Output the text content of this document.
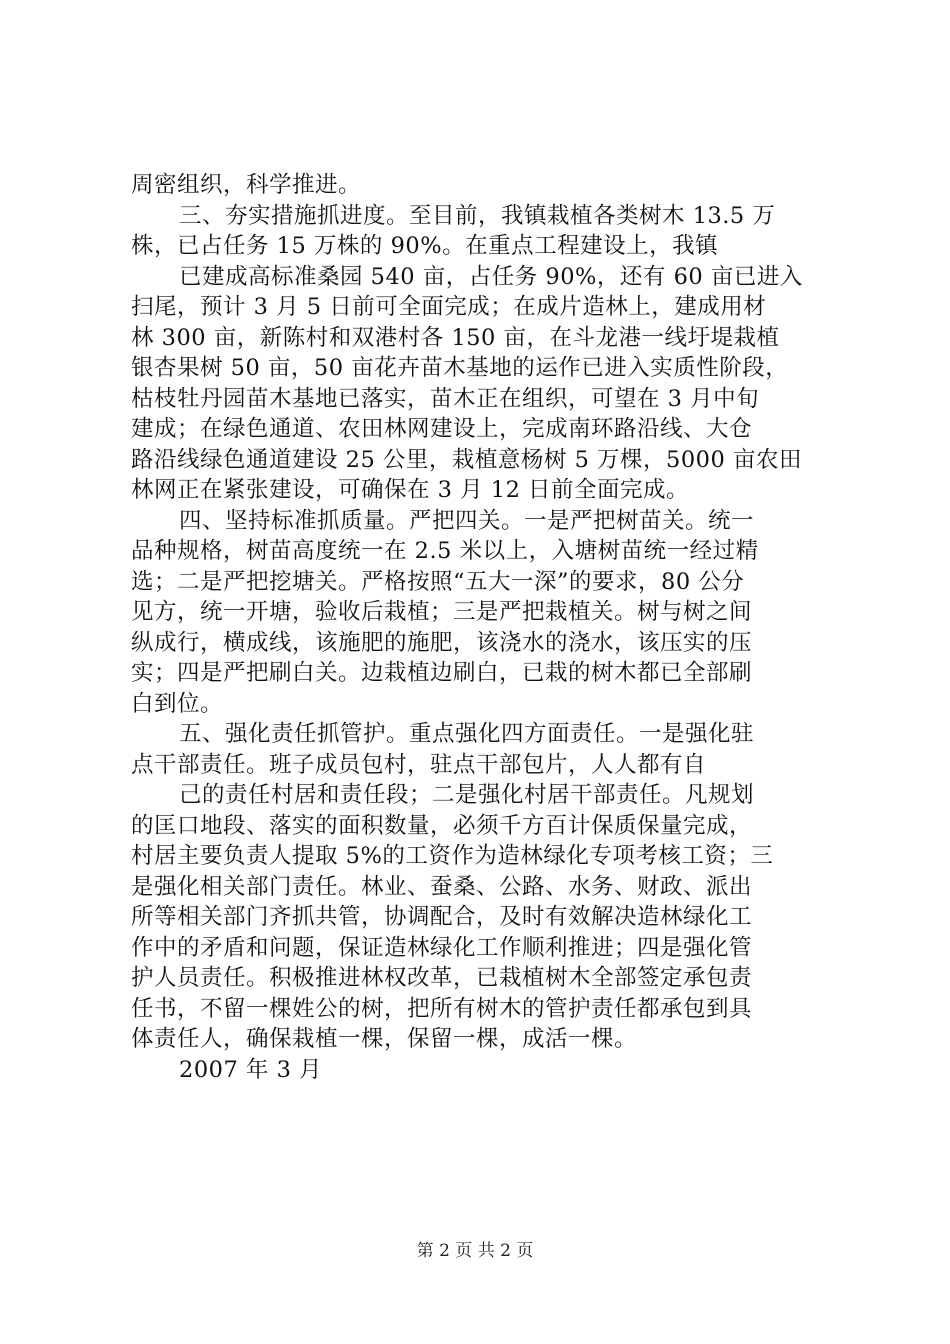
周密组织，科学推进。
三、夯实措施抓进度。至目前，我镇栽植各类树木 13.5 万
株，已占任务 15 万株的 90%。在重点工程建设上，我镇
已建成高标准桑园 540 亩，占任务 90%，还有 60 亩已进入
扫尾，预计 3 月 5 日前可全面完成；在成片造林上，建成用材
林 300 亩，新陈村和双港村各 150 亩，在斗龙港一线圩堤栽植
银杏果树 50 亩，50 亩花卉苗木基地的运作已进入实质性阶段，
枯枝牡丹园苗木基地已落实，苗木正在组织，可望在 3 月中旬
建成；在绿色通道、农田林网建设上，完成南环路沿线、大仓
路沿线绿色通道建设 25 公里，栽植意杨树 5 万棵，5000 亩农田
林网正在紧张建设，可确保在 3 月 12 日前全面完成。
四、坚持标准抓质量。严把四关。一是严把树苗关。统一
品种规格，树苗高度统一在 2.5 米以上，入塘树苗统一经过精
选；二是严把挖塘关。严格按照“五大一深”的要求，80 公分
见方，统一开塘，验收后栽植；三是严把栽植关。树与树之间
纵成行，横成线，该施肥的施肥，该浇水的浇水，该压实的压
实；四是严把刷白关。边栽植边刷白，已栽的树木都已全部刷
白到位。
五、强化责任抓管护。重点强化四方面责任。一是强化驻
点干部责任。班子成员包村，驻点干部包片，人人都有自
己的责任村居和责任段；二是强化村居干部责任。凡规划
的匡口地段、落实的面积数量，必须千方百计保质保量完成，
村居主要负责人提取 5%的工资作为造林绿化专项考核工资；三
是强化相关部门责任。林业、蚕桑、公路、水务、财政、派出
所等相关部门齐抓共管，协调配合，及时有效解决造林绿化工
作中的矛盾和问题，保证造林绿化工作顺利推进；四是强化管
护人员责任。积极推进林权改革，已栽植树木全部签定承包责
任书，不留一棵姓公的树，把所有树木的管护责任都承包到具
体责任人，确保栽植一棵，保留一棵，成活一棵。
2007 年 3 月
第 2 页 共 2 页
